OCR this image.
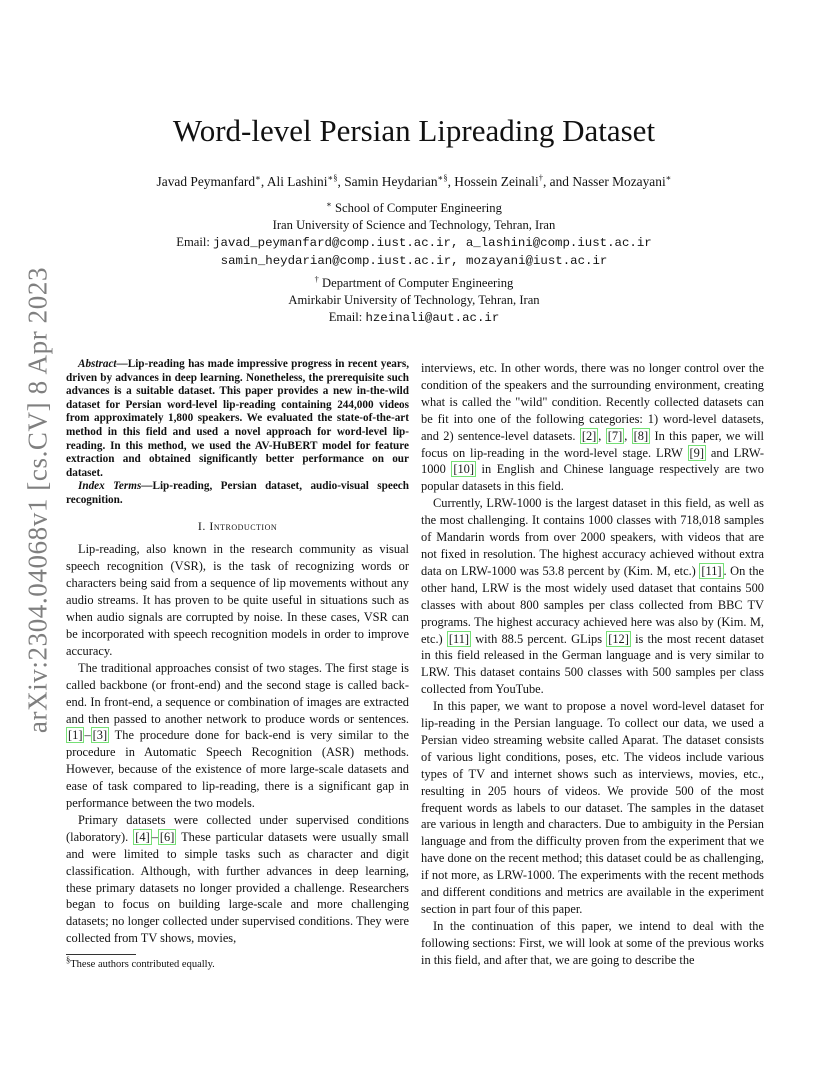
arXiv:2304.04068v1 [cs.CV] 8 Apr 2023
Word-level Persian Lipreading Dataset
Javad Peymanfard∗, Ali Lashini∗§, Samin Heydarian∗§, Hossein Zeinali†, and Nasser Mozayani∗
∗ School of Computer Engineering
Iran University of Science and Technology, Tehran, Iran
Email: javad_peymanfard@comp.iust.ac.ir, a_lashini@comp.iust.ac.ir
samin_heydarian@comp.iust.ac.ir, mozayani@iust.ac.ir
† Department of Computer Engineering
Amirkabir University of Technology, Tehran, Iran
Email: hzeinali@aut.ac.ir

Abstract—Lip-reading has made impressive progress in recent years, driven by advances in deep learning. Nonetheless, the prerequisite such advances is a suitable dataset. This paper provides a new in-the-wild dataset for Persian word-level lip-reading containing 244,000 videos from approximately 1,800 speakers. We evaluated the state-of-the-art method in this field and used a novel approach for word-level lip-reading. In this method, we used the AV-HuBERT model for feature extraction and obtained significantly better performance on our dataset.

Index Terms—Lip-reading, Persian dataset, audio-visual speech recognition.

I. Introduction

Lip-reading, also known in the research community as visual speech recognition (VSR), is the task of recognizing words or characters being said from a sequence of lip movements without any audio streams. It has proven to be quite useful in situations such as when audio signals are corrupted by noise. In these cases, VSR can be incorporated with speech recognition models in order to improve accuracy.

The traditional approaches consist of two stages. The first stage is called backbone (or front-end) and the second stage is called back-end. In front-end, a sequence or combination of images are extracted and then passed to another network to produce words or sentences. [1] – [3] The procedure done for back-end is very similar to the procedure in Automatic Speech Recognition (ASR) methods. However, because of the existence of more large-scale datasets and ease of task compared to lip-reading, there is a significant gap in performance between the two models.

Primary datasets were collected under supervised conditions (laboratory). [4] – [6] These particular datasets were usually small and were limited to simple tasks such as character and digit classification. Although, with further advances in deep learning, these primary datasets no longer provided a challenge. Researchers began to focus on building large-scale and more challenging datasets; no longer collected under supervised conditions. They were collected from TV shows, movies,

interviews, etc. In other words, there was no longer control over the condition of the speakers and the surrounding environment, creating what is called the "wild" condition. Recently collected datasets can be fit into one of the following categories: 1) word-level datasets, and 2) sentence-level datasets. [2] , [7] , [8] In this paper, we will focus on lip-reading in the word-level stage. LRW [9] and LRW-1000 [10] in English and Chinese language respectively are two popular datasets in this field.

Currently, LRW-1000 is the largest dataset in this field, as well as the most challenging. It contains 1000 classes with 718,018 samples of Mandarin words from over 2000 speakers, with videos that are not fixed in resolution. The highest accuracy achieved without extra data on LRW-1000 was 53.8 percent by (Kim. M, etc.) [11] . On the other hand, LRW is the most widely used dataset that contains 500 classes with about 800 samples per class collected from BBC TV programs. The highest accuracy achieved here was also by (Kim. M, etc.) [11] with 88.5 percent. GLips [12] is the most recent dataset in this field released in the German language and is very similar to LRW. This dataset contains 500 classes with 500 samples per class collected from YouTube.

In this paper, we want to propose a novel word-level dataset for lip-reading in the Persian language. To collect our data, we used a Persian video streaming website called Aparat. The dataset consists of various light conditions, poses, etc. The videos include various types of TV and internet shows such as interviews, movies, etc., resulting in 205 hours of videos. We provide 500 of the most frequent words as labels to our dataset. The samples in the dataset are various in length and characters. Due to ambiguity in the Persian language and from the difficulty proven from the experiment that we have done on the recent method; this dataset could be as challenging, if not more, as LRW-1000. The experiments with the recent methods and different conditions and metrics are available in the experiment section in part four of this paper.

In the continuation of this paper, we intend to deal with the following sections: First, we will look at some of the previous works in this field, and after that, we are going to describe the

§These authors contributed equally.
